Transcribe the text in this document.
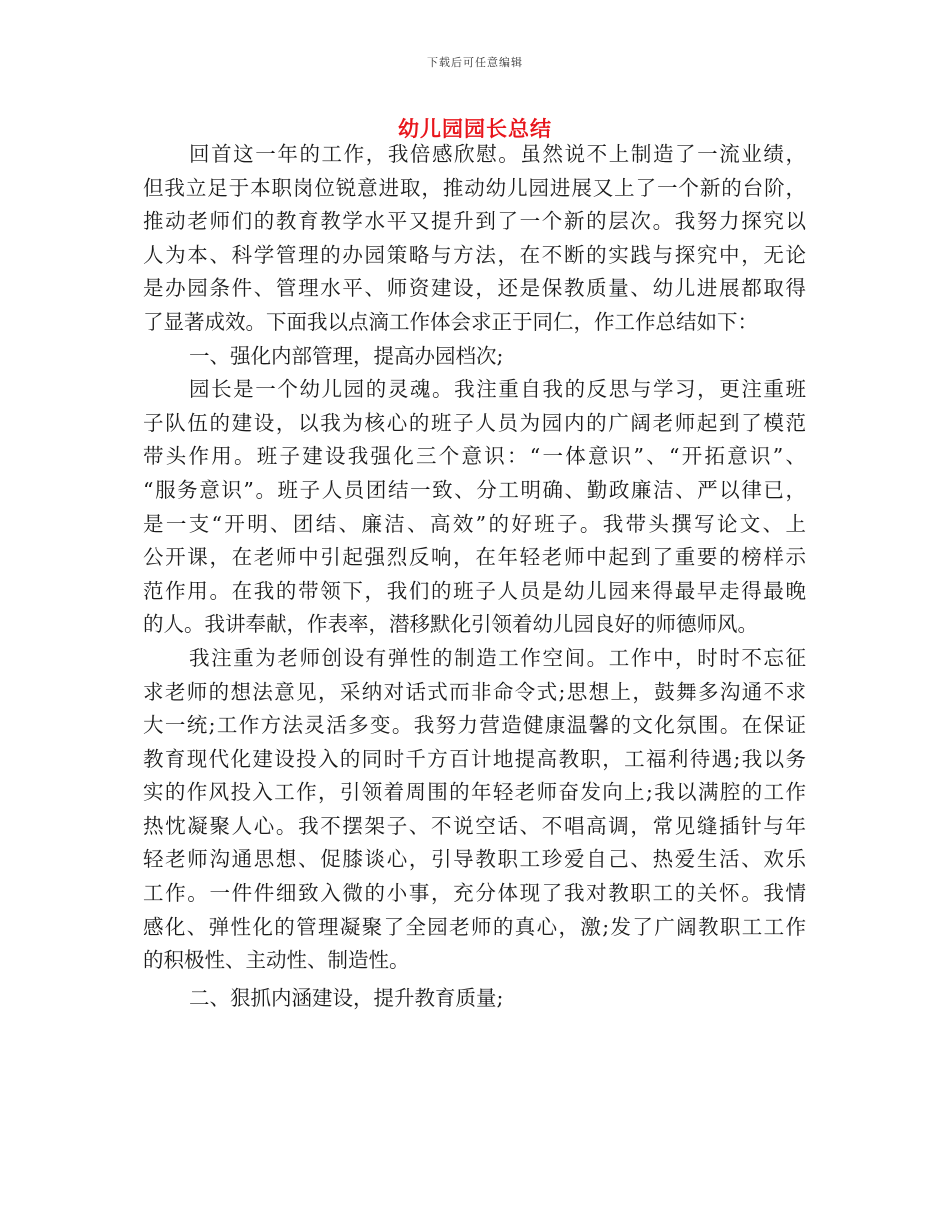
下载后可任意编辑
幼儿园园长总结
回首这一年的工作，我倍感欣慰。虽然说不上制造了一流业绩，
但我立足于本职岗位锐意进取，推动幼儿园进展又上了一个新的台阶，
推动老师们的教育教学水平又提升到了一个新的层次。我努力探究以
人为本、科学管理的办园策略与方法，在不断的实践与探究中，无论
是办园条件、管理水平、师资建设，还是保教质量、幼儿进展都取得
了显著成效。下面我以点滴工作体会求正于同仁，作工作总结如下：
一、强化内部管理，提高办园档次;
园长是一个幼儿园的灵魂。我注重自我的反思与学习，更注重班
子队伍的建设，以我为核心的班子人员为园内的广阔老师起到了模范
带头作用。班子建设我强化三个意识：“一体意识”、“开拓意识”、
“服务意识”。班子人员团结一致、分工明确、勤政廉洁、严以律已，
是一支“开明、团结、廉洁、高效”的好班子。我带头撰写论文、上
公开课，在老师中引起强烈反响，在年轻老师中起到了重要的榜样示
范作用。在我的带领下，我们的班子人员是幼儿园来得最早走得最晚
的人。我讲奉献，作表率，潜移默化引领着幼儿园良好的师德师风。
我注重为老师创设有弹性的制造工作空间。工作中，时时不忘征
求老师的想法意见，采纳对话式而非命令式;思想上，鼓舞多沟通不求
大一统;工作方法灵活多变。我努力营造健康温馨的文化氛围。在保证
教育现代化建设投入的同时千方百计地提高教职，工福利待遇;我以务
实的作风投入工作，引领着周围的年轻老师奋发向上;我以满腔的工作
热忱凝聚人心。我不摆架子、不说空话、不唱高调，常见缝插针与年
轻老师沟通思想、促膝谈心，引导教职工珍爱自己、热爱生活、欢乐
工作。一件件细致入微的小事，充分体现了我对教职工的关怀。我情
感化、弹性化的管理凝聚了全园老师的真心，激;发了广阔教职工工作
的积极性、主动性、制造性。
二、狠抓内涵建设，提升教育质量;
